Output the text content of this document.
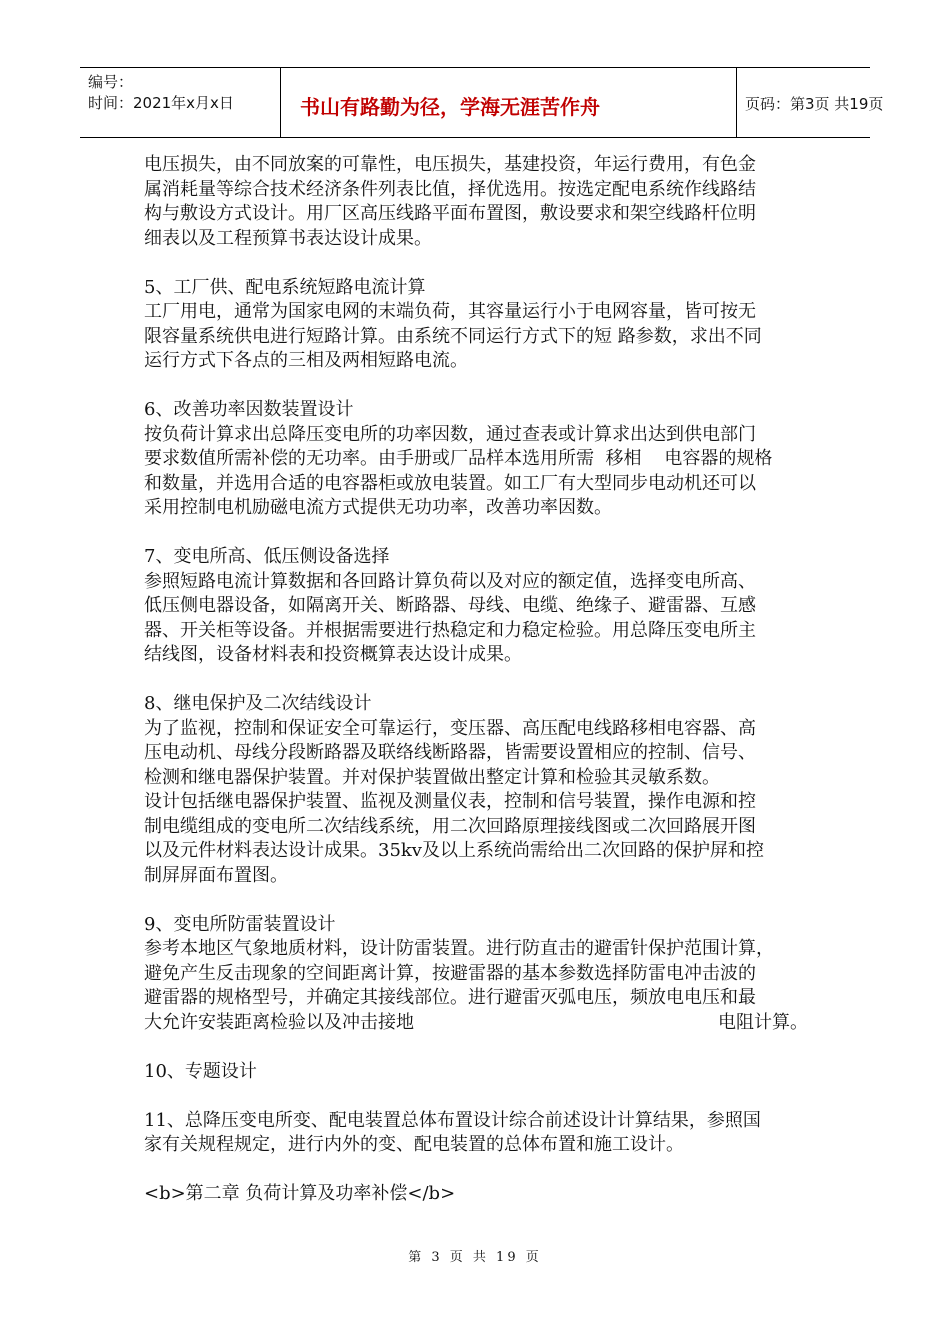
编号：
时间：2021年x月x日	书山有路勤为径，学海无涯苦作舟	页码：第3页 共19页
电压损失，由不同放案的可靠性，电压损失，基建投资，年运行费用，有色金
属消耗量等综合技术经济条件列表比值，择优选用。按选定配电系统作线路结
构与敷设方式设计。用厂区高压线路平面布置图，敷设要求和架空线路杆位明
细表以及工程预算书表达设计成果。
5、工厂供、配电系统短路电流计算
工厂用电，通常为国家电网的末端负荷，其容量运行小于电网容量，皆可按无
限容量系统供电进行短路计算。由系统不同运行方式下的短 路参数，求出不同
运行方式下各点的三相及两相短路电流。
6、改善功率因数装置设计
按负荷计算求出总降压变电所的功率因数，通过查表或计算求出达到供电部门
要求数值所需补偿的无功率。由手册或厂品样本选用所需  移相    电容器的规格
和数量，并选用合适的电容器柜或放电装置。如工厂有大型同步电动机还可以
采用控制电机励磁电流方式提供无功功率，改善功率因数。
7、变电所高、低压侧设备选择
参照短路电流计算数据和各回路计算负荷以及对应的额定值，选择变电所高、
低压侧电器设备，如隔离开关、断路器、母线、电缆、绝缘子、避雷器、互感
器、开关柜等设备。并根据需要进行热稳定和力稳定检验。用总降压变电所主
结线图，设备材料表和投资概算表达设计成果。
8、继电保护及二次结线设计
为了监视，控制和保证安全可靠运行，变压器、高压配电线路移相电容器、高
压电动机、母线分段断路器及联络线断路器，皆需要设置相应的控制、信号、
检测和继电器保护装置。并对保护装置做出整定计算和检验其灵敏系数。
设计包括继电器保护装置、监视及测量仪表，控制和信号装置，操作电源和控
制电缆组成的变电所二次结线系统，用二次回路原理接线图或二次回路展开图
以及元件材料表达设计成果。35kv及以上系统尚需给出二次回路的保护屏和控
制屏屏面布置图。
9、变电所防雷装置设计
参考本地区气象地质材料，设计防雷装置。进行防直击的避雷针保护范围计算，
避免产生反击现象的空间距离计算，按避雷器的基本参数选择防雷电冲击波的
避雷器的规格型号，并确定其接线部位。进行避雷灭弧电压，频放电电压和最
大允许安装距离检验以及冲击接地	电阻计算。
10、专题设计
11、总降压变电所变、配电装置总体布置设计综合前述设计计算结果，参照国
家有关规程规定，进行内外的变、配电装置的总体布置和施工设计。
<b>第二章 负荷计算及功率补偿</b>
第 3 页 共 19 页
